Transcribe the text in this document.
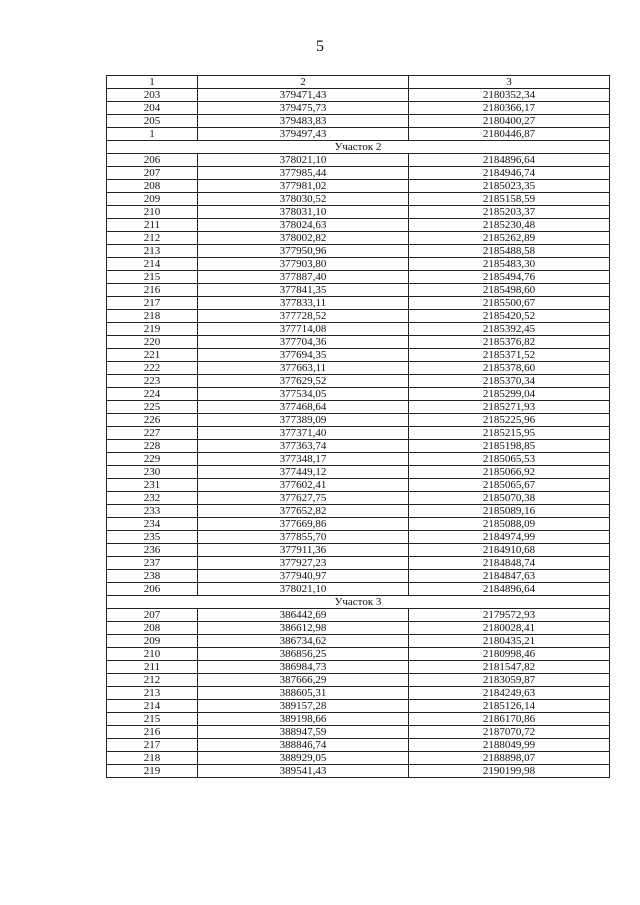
5
1	2	3
203	379471,43	2180352,34
204	379475,73	2180366,17
205	379483,83	2180400,27
1	379497,43	2180446,87
Участок 2		
206	378021,10	2184896,64
207	377985,44	2184946,74
208	377981,02	2185023,35
209	378030,52	2185158,59
210	378031,10	2185203,37
211	378024,63	2185230,48
212	378002,82	2185262,89
213	377950,96	2185488,58
214	377903,80	2185483,30
215	377887,40	2185494,76
216	377841,35	2185498,60
217	377833,11	2185500,67
218	377728,52	2185420,52
219	377714,08	2185392,45
220	377704,36	2185376,82
221	377694,35	2185371,52
222	377663,11	2185378,60
223	377629,52	2185370,34
224	377534,05	2185299,04
225	377468,64	2185271,93
226	377389,09	2185225,96
227	377371,40	2185215,95
228	377363,74	2185198,85
229	377348,17	2185065,53
230	377449,12	2185066,92
231	377602,41	2185065,67
232	377627,75	2185070,38
233	377652,82	2185089,16
234	377669,86	2185088,09
235	377855,70	2184974,99
236	377911,36	2184910,68
237	377927,23	2184848,74
238	377940,97	2184847,63
206	378021,10	2184896,64
Участок 3		
207	386442,69	2179572,93
208	386612,98	2180028,41
209	386734,62	2180435,21
210	386856,25	2180998,46
211	386984,73	2181547,82
212	387666,29	2183059,87
213	388605,31	2184249,63
214	389157,28	2185126,14
215	389198,66	2186170,86
216	388947,59	2187070,72
217	388846,74	2188049,99
218	388929,05	2188898,07
219	389541,43	2190199,98
